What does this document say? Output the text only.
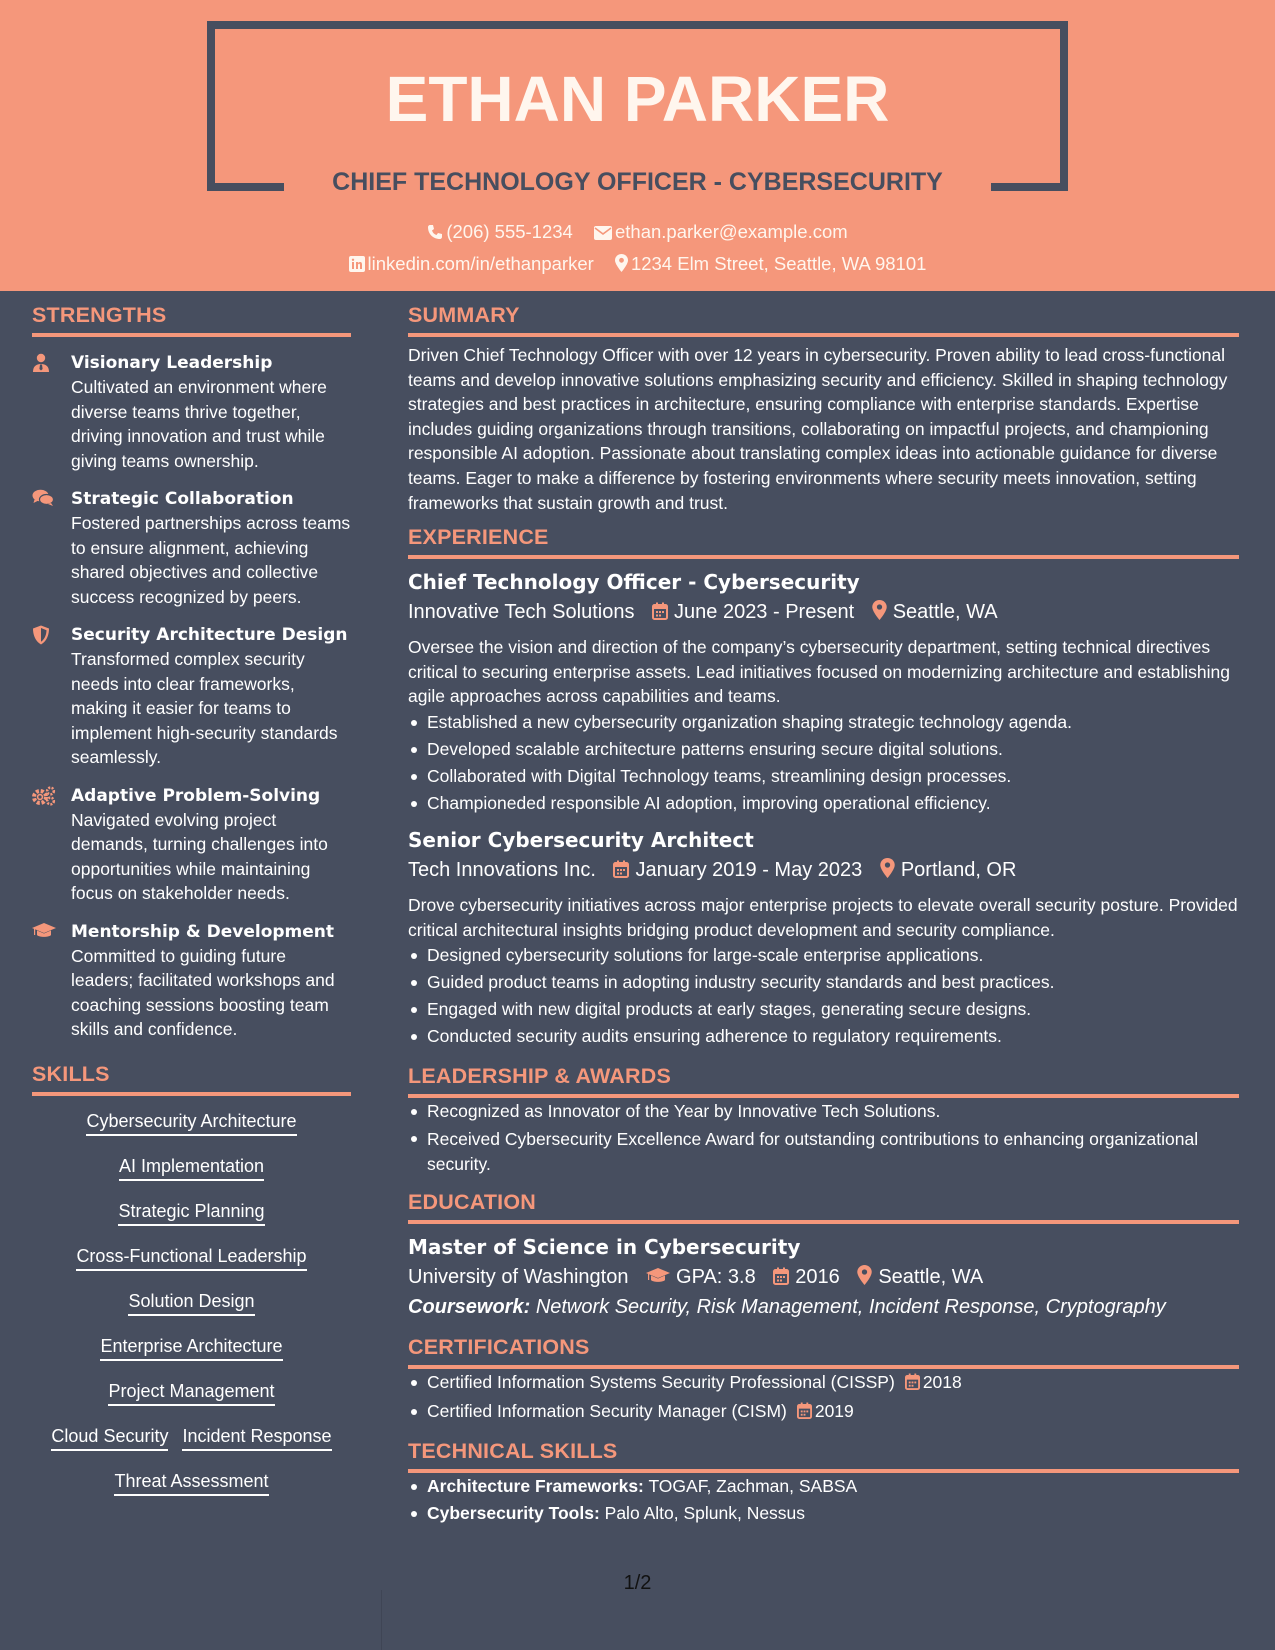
ETHAN PARKER
CHIEF TECHNOLOGY OFFICER - CYBERSECURITY
(206) 555-1234 ethan.parker@example.com
linkedin.com/in/ethanparker 1234 Elm Street, Seattle, WA 98101
STRENGTHS
Visionary Leadership
Cultivated an environment where diverse teams thrive together, driving innovation and trust while giving teams ownership.
Strategic Collaboration
Fostered partnerships across teams to ensure alignment, achieving shared objectives and collective success recognized by peers.
Security Architecture Design
Transformed complex security needs into clear frameworks, making it easier for teams to implement high-security standards seamlessly.
Adaptive Problem-Solving
Navigated evolving project demands, turning challenges into opportunities while maintaining focus on stakeholder needs.
Mentorship & Development
Committed to guiding future leaders; facilitated workshops and coaching sessions boosting team skills and confidence.
SKILLS
Cybersecurity Architecture
AI Implementation
Strategic Planning
Cross-Functional Leadership
Solution Design
Enterprise Architecture
Project Management
Cloud Security Incident Response
Threat Assessment
SUMMARY
Driven Chief Technology Officer with over 12 years in cybersecurity. Proven ability to lead cross-functional teams and develop innovative solutions emphasizing security and efficiency. Skilled in shaping technology strategies and best practices in architecture, ensuring compliance with enterprise standards. Expertise includes guiding organizations through transitions, collaborating on impactful projects, and championing responsible AI adoption. Passionate about translating complex ideas into actionable guidance for diverse teams. Eager to make a difference by fostering environments where security meets innovation, setting frameworks that sustain growth and trust.
EXPERIENCE
Chief Technology Officer - Cybersecurity
Innovative Tech Solutions June 2023 - Present Seattle, WA
Oversee the vision and direction of the company’s cybersecurity department, setting technical directives critical to securing enterprise assets. Lead initiatives focused on modernizing architecture and establishing agile approaches across capabilities and teams.
Established a new cybersecurity organization shaping strategic technology agenda.
Developed scalable architecture patterns ensuring secure digital solutions.
Collaborated with Digital Technology teams, streamlining design processes.
Championeded responsible AI adoption, improving operational efficiency.
Senior Cybersecurity Architect
Tech Innovations Inc. January 2019 - May 2023 Portland, OR
Drove cybersecurity initiatives across major enterprise projects to elevate overall security posture. Provided critical architectural insights bridging product development and security compliance.
Designed cybersecurity solutions for large-scale enterprise applications.
Guided product teams in adopting industry security standards and best practices.
Engaged with new digital products at early stages, generating secure designs.
Conducted security audits ensuring adherence to regulatory requirements.
LEADERSHIP & AWARDS
Recognized as Innovator of the Year by Innovative Tech Solutions.
Received Cybersecurity Excellence Award for outstanding contributions to enhancing organizational security.
EDUCATION
Master of Science in Cybersecurity
University of Washington GPA: 3.8 2016 Seattle, WA
Coursework: Network Security, Risk Management, Incident Response, Cryptography
CERTIFICATIONS
Certified Information Systems Security Professional (CISSP) 2018
Certified Information Security Manager (CISM) 2019
TECHNICAL SKILLS
Architecture Frameworks: TOGAF, Zachman, SABSA
Cybersecurity Tools: Palo Alto, Splunk, Nessus
1/2
